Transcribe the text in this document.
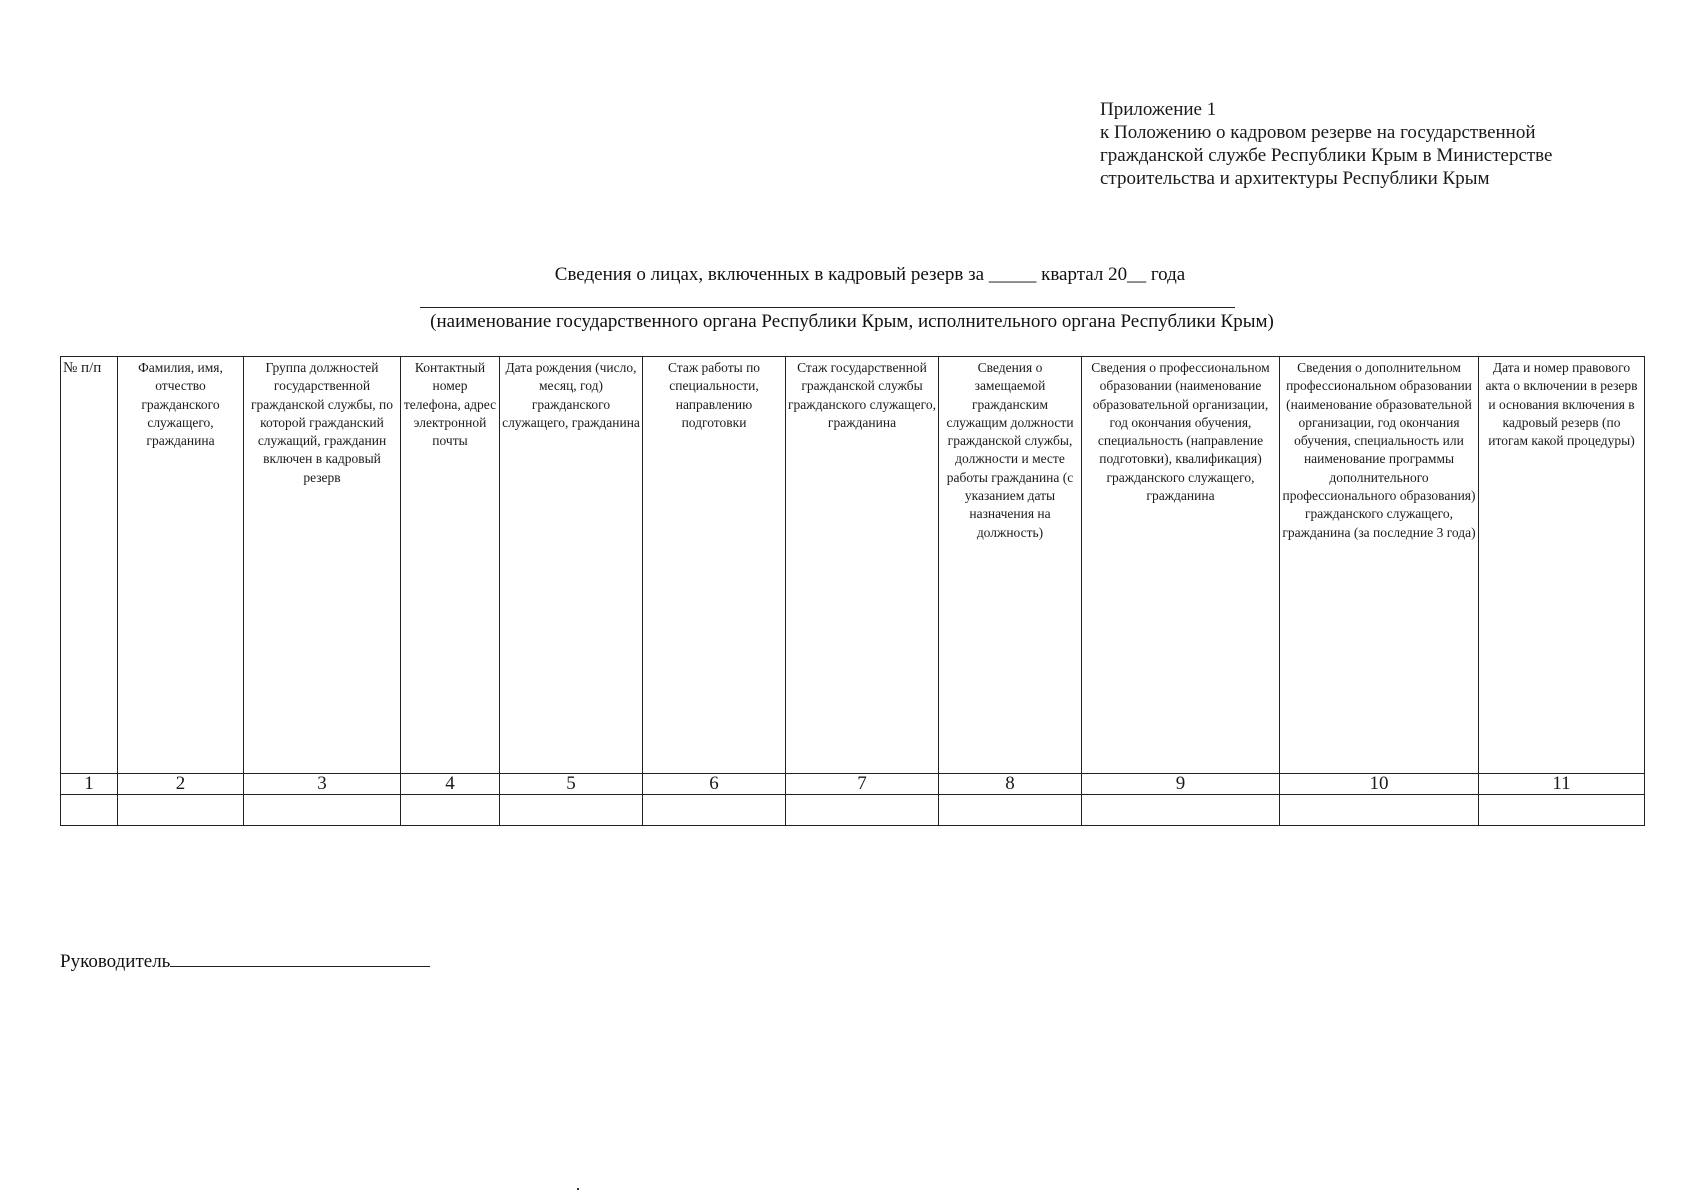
Приложение 1
к Положению о кадровом резерве на государственной
гражданской службе Республики Крым в Министерстве
строительства и архитектуры Республики Крым
Сведения о лицах, включенных в кадровый резерв за _____ квартал 20__ года
(наименование государственного органа Республики Крым, исполнительного органа Республики Крым)
№ п/п	Фамилия, имя, отчество гражданского служащего, гражданина	Группа должностей государственной гражданской службы, по которой гражданский служащий, гражданин включен в кадровый резерв	Контактный номер телефона, адрес электронной почты	Дата рождения (число, месяц, год) гражданского служащего, гражданина	Стаж работы по специальности, направлению подготовки	Стаж государственной гражданской службы гражданского служащего, гражданина	Сведения о замещаемой гражданским служащим должности гражданской службы, должности и месте работы гражданина (с указанием даты назначения на должность)	Сведения о профессиональном образовании (наименование образовательной организации, год окончания обучения, специальность (направление подготовки), квалификация) гражданского служащего, гражданина	Сведения о дополнительном профессиональном образовании (наименование образовательной организации, год окончания обучения, специальность или наименование программы дополнительного профессионального образования) гражданского служащего, гражданина (за последние 3 года)	Дата и номер правового акта о включении в резерв и основания включения в кадровый резерв (по итогам какой процедуры)
1	2	3	4	5	6	7	8	9	10	11

Руководитель
